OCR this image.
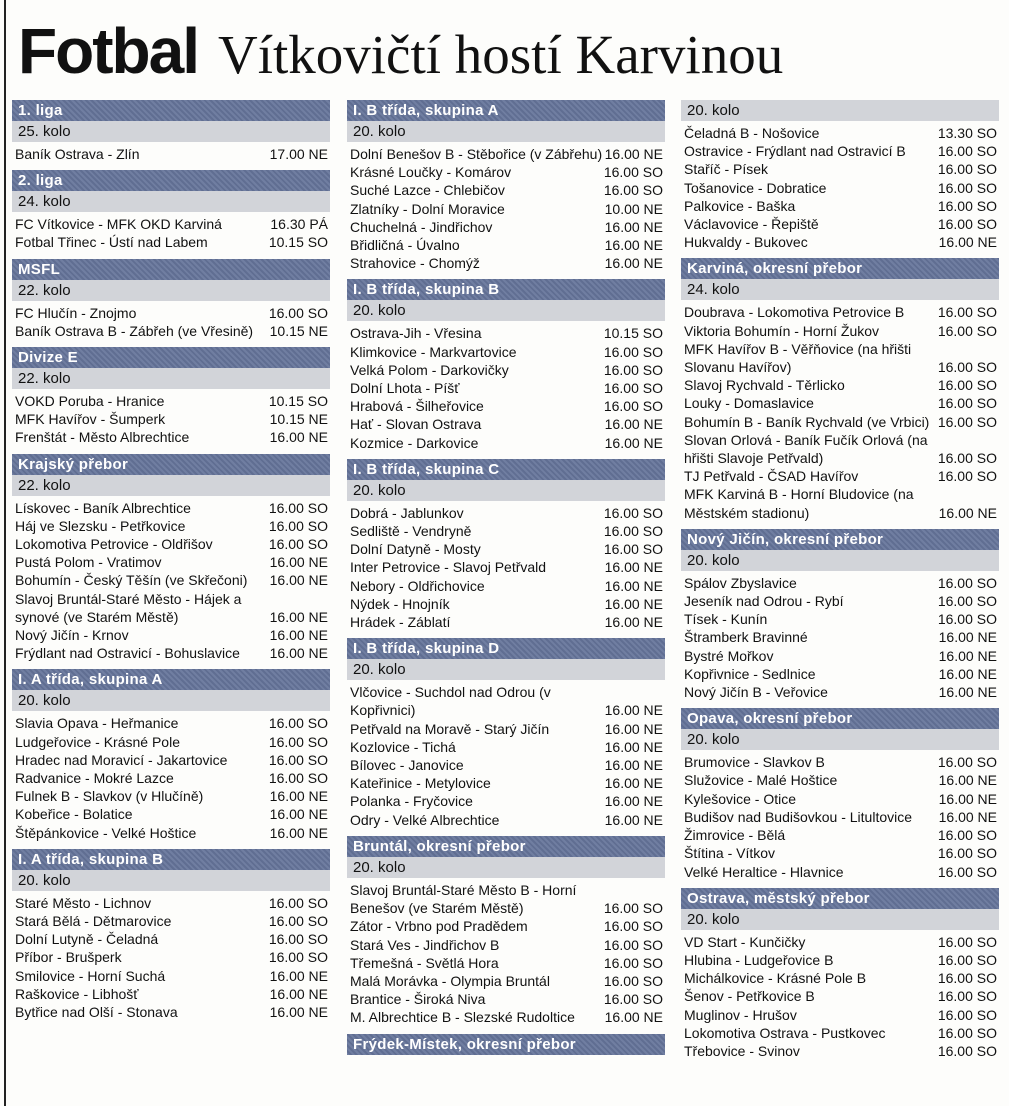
Fotbal Vítkovičtí hostí Karvinou
1. liga
25. kolo
Baník Ostrava - Zlín	17.00 NE
2. liga
24. kolo
FC Vítkovice - MFK OKD Karviná	16.30 PÁ
Fotbal Třinec - Ústí nad Labem	10.15 SO
MSFL
22. kolo
FC Hlučín - Znojmo	16.00 SO
Baník Ostrava B - Zábřeh (ve Vřesině) 10.15 NE
Divize E
22. kolo
VOKD Poruba - Hranice	10.15 SO
MFK Havířov - Šumperk	10.15 NE
Frenštát - Město Albrechtice	16.00 NE
Krajský přebor
22. kolo
Lískovec - Baník Albrechtice	16.00 SO
Háj ve Slezsku - Petřkovice	16.00 SO
Lokomotiva Petrovice - Oldřišov	16.00 SO
Pustá Polom - Vratimov	16.00 NE
Bohumín - Český Těšín (ve Skřečoni) 16.00 NE
Slavoj Bruntál-Staré Město - Hájek a synové (ve Starém Městě)	16.00 NE
Nový Jičín - Krnov	16.00 NE
Frýdlant nad Ostravicí - Bohuslavice 16.00 NE
I. A třída, skupina A
20. kolo
Slavia Opava - Heřmanice	16.00 SO
Ludgeřovice - Krásné Pole	16.00 SO
Hradec nad Moravicí - Jakartovice	16.00 SO
Radvanice - Mokré Lazce	16.00 SO
Fulnek B - Slavkov (v Hlučíně)	16.00 NE
Kobeřice - Bolatice	16.00 NE
Štěpánkovice - Velké Hoštice	16.00 NE
I. A třída, skupina B
20. kolo
Staré Město - Lichnov	16.00 SO
Stará Bělá - Dětmarovice	16.00 SO
Dolní Lutyně - Čeladná	16.00 SO
Příbor - Brušperk	16.00 SO
Smilovice - Horní Suchá	16.00 NE
Raškovice - Libhošť	16.00 NE
Bytřice nad Olší - Stonava	16.00 NE
I. B třída, skupina A
20. kolo
Dolní Benešov B - Stěbořice (v Zábřehu) 16.00 NE
Krásné Loučky - Komárov	16.00 SO
Suché Lazce - Chlebičov	16.00 SO
Zlatníky - Dolní Moravice	10.00 NE
Chuchelná - Jindřichov	16.00 NE
Břidličná - Úvalno	16.00 NE
Strahovice - Chomýž	16.00 NE
I. B třída, skupina B
20. kolo
Ostrava-Jih - Vřesina	10.15 SO
Klimkovice - Markvartovice	16.00 SO
Velká Polom - Darkovičky	16.00 SO
Dolní Lhota - Píšť	16.00 SO
Hrabová - Šilheřovice	16.00 SO
Hať - Slovan Ostrava	16.00 NE
Kozmice - Darkovice	16.00 NE
I. B třída, skupina C
20. kolo
Dobrá - Jablunkov	16.00 SO
Sedliště - Vendryně	16.00 SO
Dolní Datyně - Mosty	16.00 SO
Inter Petrovice - Slavoj Petřvald	16.00 NE
Nebory - Oldřichovice	16.00 NE
Nýdek - Hnojník	16.00 NE
Hrádek - Záblatí	16.00 NE
I. B třída, skupina D
20. kolo
Vlčovice - Suchdol nad Odrou (v Kopřivnici)	16.00 NE
Petřvald na Moravě - Starý Jičín	16.00 NE
Kozlovice - Tichá	16.00 NE
Bílovec - Janovice	16.00 NE
Kateřinice - Metylovice	16.00 NE
Polanka - Fryčovice	16.00 NE
Odry - Velké Albrechtice	16.00 NE
Bruntál, okresní přebor
20. kolo
Slavoj Bruntál-Staré Město B - Horní Benešov (ve Starém Městě)	16.00 SO
Zátor - Vrbno pod Pradědem	16.00 SO
Stará Ves - Jindřichov B	16.00 SO
Třemešná - Světlá Hora	16.00 SO
Malá Morávka - Olympia Bruntál	16.00 SO
Brantice - Široká Niva	16.00 SO
M. Albrechtice B - Slezské Rudoltice 16.00 NE
Frýdek-Místek, okresní přebor
20. kolo
Čeladná B - Nošovice	13.30 SO
Ostravice - Frýdlant nad Ostravicí B 16.00 SO
Staříč - Písek	16.00 SO
Tošanovice - Dobratice	16.00 SO
Palkovice - Baška	16.00 SO
Václavovice - Řepiště	16.00 SO
Hukvaldy - Bukovec	16.00 NE
Karviná, okresní přebor
24. kolo
Doubrava - Lokomotiva Petrovice B 16.00 SO
Viktoria Bohumín - Horní Žukov	16.00 SO
MFK Havířov B - Věřňovice (na hřišti Slovanu Havířov)	16.00 SO
Slavoj Rychvald - Těrlicko	16.00 SO
Louky - Domaslavice	16.00 SO
Bohumín B - Baník Rychvald (ve Vrbici) 16.00 SO
Slovan Orlová - Baník Fučík Orlová (na hřišti Slavoje Petřvald)	16.00 SO
TJ Petřvald - ČSAD Havířov	16.00 SO
MFK Karviná B - Horní Bludovice (na Městském stadionu)	16.00 NE
Nový Jičín, okresní přebor
20. kolo
Spálov Zbyslavice	16.00 SO
Jeseník nad Odrou - Rybí	16.00 SO
Tísek - Kunín	16.00 SO
Štramberk Bravinné	16.00 NE
Bystré Mořkov	16.00 NE
Kopřivnice - Sedlnice	16.00 NE
Nový Jičín B - Veřovice	16.00 NE
Opava, okresní přebor
20. kolo
Brumovice - Slavkov B	16.00 SO
Služovice - Malé Hoštice	16.00 NE
Kylešovice - Otice	16.00 NE
Budišov nad Budišovkou - Litultovice 16.00 NE
Žimrovice - Bělá	16.00 SO
Štítina - Vítkov	16.00 SO
Velké Heraltice - Hlavnice	16.00 SO
Ostrava, městský přebor
20. kolo
VD Start - Kunčičky	16.00 SO
Hlubina - Ludgeřovice B	16.00 SO
Michálkovice - Krásné Pole B	16.00 SO
Šenov - Petřkovice B	16.00 SO
Muglinov - Hrušov	16.00 SO
Lokomotiva Ostrava - Pustkovec	16.00 SO
Třebovice - Svinov	16.00 SO
